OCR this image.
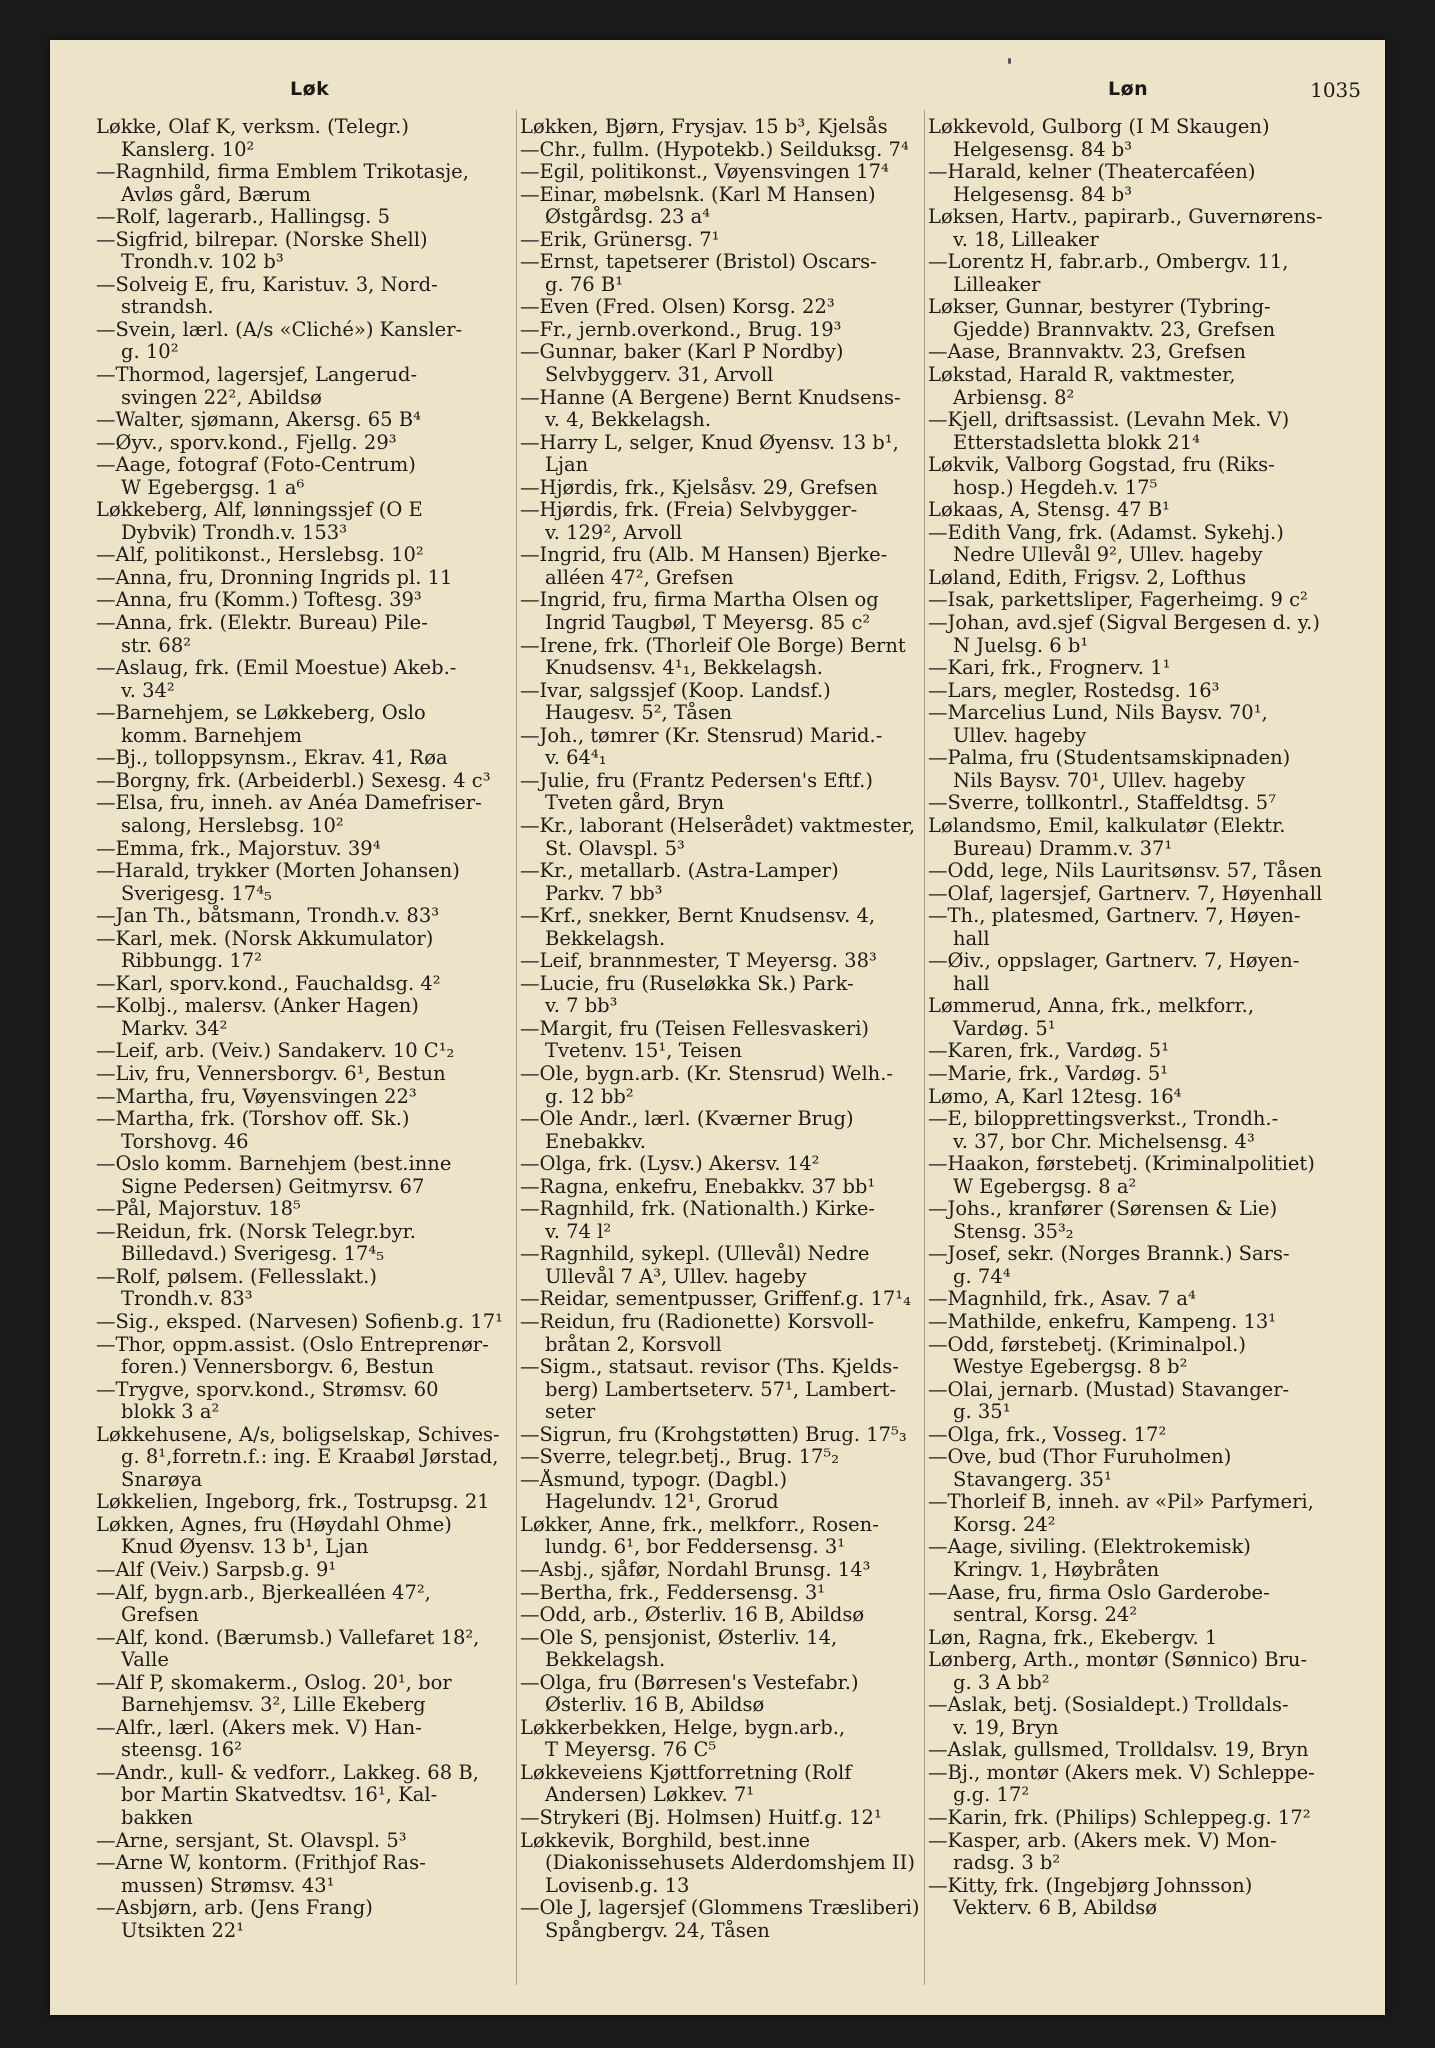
Løk	Løn	1035
Løkke, Olaf K, verksm. (Telegr.)
Kanslerg. 10²
—Ragnhild, firma Emblem Trikotasje,
Avløs gård, Bærum
—Rolf, lagerarb., Hallingsg. 5
—Sigfrid, bilrepar. (Norske Shell)
Trondh.v. 102 b³
—Solveig E, fru, Karistuv. 3, Nord-
strandsh.
—Svein, lærl. (A/s «Cliché») Kansler-
g. 10²
—Thormod, lagersjef, Langerud-
svingen 22², Abildsø
—Walter, sjømann, Akersg. 65 B⁴
—Øyv., sporv.kond., Fjellg. 29³
—Aage, fotograf (Foto-Centrum)
W Egebergsg. 1 a⁶
Løkkeberg, Alf, lønningssjef (O E
Dybvik) Trondh.v. 153³
—Alf, politikonst., Herslebsg. 10²
—Anna, fru, Dronning Ingrids pl. 11
—Anna, fru (Komm.) Toftesg. 39³
—Anna, frk. (Elektr. Bureau) Pile-
str. 68²
—Aslaug, frk. (Emil Moestue) Akeb.-
v. 34²
—Barnehjem, se Løkkeberg, Oslo
komm. Barnehjem
—Bj., tolloppsynsm., Ekrav. 41, Røa
—Borgny, frk. (Arbeiderbl.) Sexesg. 4 c³
—Elsa, fru, inneh. av Anéa Damefriser-
salong, Herslebsg. 10²
—Emma, frk., Majorstuv. 39⁴
—Harald, trykker (Morten Johansen)
Sverigesg. 17⁴₅
—Jan Th., båtsmann, Trondh.v. 83³
—Karl, mek. (Norsk Akkumulator)
Ribbungg. 17²
—Karl, sporv.kond., Fauchaldsg. 4²
—Kolbj., malersv. (Anker Hagen)
Markv. 34²
—Leif, arb. (Veiv.) Sandakerv. 10 C¹₂
—Liv, fru, Vennersborgv. 6¹, Bestun
—Martha, fru, Vøyensvingen 22³
—Martha, frk. (Torshov off. Sk.)
Torshovg. 46
—Oslo komm. Barnehjem (best.inne
Signe Pedersen) Geitmyrsv. 67
—Pål, Majorstuv. 18⁵
—Reidun, frk. (Norsk Telegr.byr.
Billedavd.) Sverigesg. 17⁴₅
—Rolf, pølsem. (Fellesslakt.)
Trondh.v. 83³
—Sig., eksped. (Narvesen) Sofienb.g. 17¹
—Thor, oppm.assist. (Oslo Entreprenør-
foren.) Vennersborgv. 6, Bestun
—Trygve, sporv.kond., Strømsv. 60
blokk 3 a²
Løkkehusene, A/s, boligselskap, Schives-
g. 8¹,forretn.f.: ing. E Kraabøl Jørstad,
Snarøya
Løkkelien, Ingeborg, frk., Tostrupsg. 21
Løkken, Agnes, fru (Høydahl Ohme)
Knud Øyensv. 13 b¹, Ljan
—Alf (Veiv.) Sarpsb.g. 9¹
—Alf, bygn.arb., Bjerkealléen 47²,
Grefsen
—Alf, kond. (Bærumsb.) Vallefaret 18²,
Valle
—Alf P, skomakerm., Oslog. 20¹, bor
Barnehjemsv. 3², Lille Ekeberg
—Alfr., lærl. (Akers mek. V) Han-
steensg. 16²
—Andr., kull- & vedforr., Lakkeg. 68 B,
bor Martin Skatvedtsv. 16¹, Kal-
bakken
—Arne, sersjant, St. Olavspl. 5³
—Arne W, kontorm. (Frithjof Ras-
mussen) Strømsv. 43¹
—Asbjørn, arb. (Jens Frang)
Utsikten 22¹
Løkken, Bjørn, Frysjav. 15 b³, Kjelsås
—Chr., fullm. (Hypotekb.) Seilduksg. 7⁴
—Egil, politikonst., Vøyensvingen 17⁴
—Einar, møbelsnk. (Karl M Hansen)
Østgårdsg. 23 a⁴
—Erik, Grünersg. 7¹
—Ernst, tapetserer (Bristol) Oscars-
g. 76 B¹
—Even (Fred. Olsen) Korsg. 22³
—Fr., jernb.overkond., Brug. 19³
—Gunnar, baker (Karl P Nordby)
Selvbyggerv. 31, Arvoll
—Hanne (A Bergene) Bernt Knudsens-
v. 4, Bekkelagsh.
—Harry L, selger, Knud Øyensv. 13 b¹,
Ljan
—Hjørdis, frk., Kjelsåsv. 29, Grefsen
—Hjørdis, frk. (Freia) Selvbygger-
v. 129², Arvoll
—Ingrid, fru (Alb. M Hansen) Bjerke-
alléen 47², Grefsen
—Ingrid, fru, firma Martha Olsen og
Ingrid Taugbøl, T Meyersg. 85 c²
—Irene, frk. (Thorleif Ole Borge) Bernt
Knudsensv. 4¹₁, Bekkelagsh.
—Ivar, salgssjef (Koop. Landsf.)
Haugesv. 5², Tåsen
—Joh., tømrer (Kr. Stensrud) Marid.-
v. 64⁴₁
—Julie, fru (Frantz Pedersen's Eftf.)
Tveten gård, Bryn
—Kr., laborant (Helserådet) vaktmester,
St. Olavspl. 5³
—Kr., metallarb. (Astra-Lamper)
Parkv. 7 bb³
—Krf., snekker, Bernt Knudsensv. 4,
Bekkelagsh.
—Leif, brannmester, T Meyersg. 38³
—Lucie, fru (Ruseløkka Sk.) Park-
v. 7 bb³
—Margit, fru (Teisen Fellesvaskeri)
Tvetenv. 15¹, Teisen
—Ole, bygn.arb. (Kr. Stensrud) Welh.-
g. 12 bb²
—Ole Andr., lærl. (Kværner Brug)
Enebakkv.
—Olga, frk. (Lysv.) Akersv. 14²
—Ragna, enkefru, Enebakkv. 37 bb¹
—Ragnhild, frk. (Nationalth.) Kirke-
v. 74 l²
—Ragnhild, sykepl. (Ullevål) Nedre
Ullevål 7 A³, Ullev. hageby
—Reidar, sementpusser, Griffenf.g. 17¹₄
—Reidun, fru (Radionette) Korsvoll-
bråtan 2, Korsvoll
—Sigm., statsaut. revisor (Ths. Kjelds-
berg) Lambertseterv. 57¹, Lambert-
seter
—Sigrun, fru (Krohgstøtten) Brug. 17⁵₃
—Sverre, telegr.betj., Brug. 17⁵₂
—Åsmund, typogr. (Dagbl.)
Hagelundv. 12¹, Grorud
Løkker, Anne, frk., melkforr., Rosen-
lundg. 6¹, bor Feddersensg. 3¹
—Asbj., sjåfør, Nordahl Brunsg. 14³
—Bertha, frk., Feddersensg. 3¹
—Odd, arb., Østerliv. 16 B, Abildsø
—Ole S, pensjonist, Østerliv. 14,
Bekkelagsh.
—Olga, fru (Børresen's Vestefabr.)
Østerliv. 16 B, Abildsø
Løkkerbekken, Helge, bygn.arb.,
T Meyersg. 76 C⁵
Løkkeveiens Kjøttforretning (Rolf
Andersen) Løkkev. 7¹
—Strykeri (Bj. Holmsen) Huitf.g. 12¹
Løkkevik, Borghild, best.inne
(Diakonissehusets Alderdomshjem II)
Lovisenb.g. 13
—Ole J, lagersjef (Glommens Træsliberi)
Spångbergv. 24, Tåsen
Løkkevold, Gulborg (I M Skaugen)
Helgesensg. 84 b³
—Harald, kelner (Theatercaféen)
Helgesensg. 84 b³
Løksen, Hartv., papirarb., Guvernørens-
v. 18, Lilleaker
—Lorentz H, fabr.arb., Ombergv. 11,
Lilleaker
Løkser, Gunnar, bestyrer (Tybring-
Gjedde) Brannvaktv. 23, Grefsen
—Aase, Brannvaktv. 23, Grefsen
Løkstad, Harald R, vaktmester,
Arbiensg. 8²
—Kjell, driftsassist. (Levahn Mek. V)
Etterstadsletta blokk 21⁴
Løkvik, Valborg Gogstad, fru (Riks-
hosp.) Hegdeh.v. 17⁵
Løkaas, A, Stensg. 47 B¹
—Edith Vang, frk. (Adamst. Sykehj.)
Nedre Ullevål 9², Ullev. hageby
Løland, Edith, Frigsv. 2, Lofthus
—Isak, parkettsliper, Fagerheimg. 9 c²
—Johan, avd.sjef (Sigval Bergesen d. y.)
N Juelsg. 6 b¹
—Kari, frk., Frognerv. 1¹
—Lars, megler, Rostedsg. 16³
—Marcelius Lund, Nils Baysv. 70¹,
Ullev. hageby
—Palma, fru (Studentsamskipnaden)
Nils Baysv. 70¹, Ullev. hageby
—Sverre, tollkontrl., Staffeldtsg. 5⁷
Lølandsmo, Emil, kalkulatør (Elektr.
Bureau) Dramm.v. 37¹
—Odd, lege, Nils Lauritsønsv. 57, Tåsen
—Olaf, lagersjef, Gartnerv. 7, Høyenhall
—Th., platesmed, Gartnerv. 7, Høyen-
hall
—Øiv., oppslager, Gartnerv. 7, Høyen-
hall
Lømmerud, Anna, frk., melkforr.,
Vardøg. 5¹
—Karen, frk., Vardøg. 5¹
—Marie, frk., Vardøg. 5¹
Lømo, A, Karl 12tesg. 16⁴
—E, bilopprettingsverkst., Trondh.-
v. 37, bor Chr. Michelsensg. 4³
—Haakon, førstebetj. (Kriminalpolitiet)
W Egebergsg. 8 a²
—Johs., kranfører (Sørensen & Lie)
Stensg. 35³₂
—Josef, sekr. (Norges Brannk.) Sars-
g. 74⁴
—Magnhild, frk., Asav. 7 a⁴
—Mathilde, enkefru, Kampeng. 13¹
—Odd, førstebetj. (Kriminalpol.)
Westye Egebergsg. 8 b²
—Olai, jernarb. (Mustad) Stavanger-
g. 35¹
—Olga, frk., Vosseg. 17²
—Ove, bud (Thor Furuholmen)
Stavangerg. 35¹
—Thorleif B, inneh. av «Pil» Parfymeri,
Korsg. 24²
—Aage, siviling. (Elektrokemisk)
Kringv. 1, Høybråten
—Aase, fru, firma Oslo Garderobe-
sentral, Korsg. 24²
Løn, Ragna, frk., Ekebergv. 1
Lønberg, Arth., montør (Sønnico) Bru-
g. 3 A bb²
—Aslak, betj. (Sosialdept.) Trolldals-
v. 19, Bryn
—Aslak, gullsmed, Trolldalsv. 19, Bryn
—Bj., montør (Akers mek. V) Schleppe-
g.g. 17²
—Karin, frk. (Philips) Schleppeg.g. 17²
—Kasper, arb. (Akers mek. V) Mon-
radsg. 3 b²
—Kitty, frk. (Ingebjørg Johnsson)
Vekterv. 6 B, Abildsø
